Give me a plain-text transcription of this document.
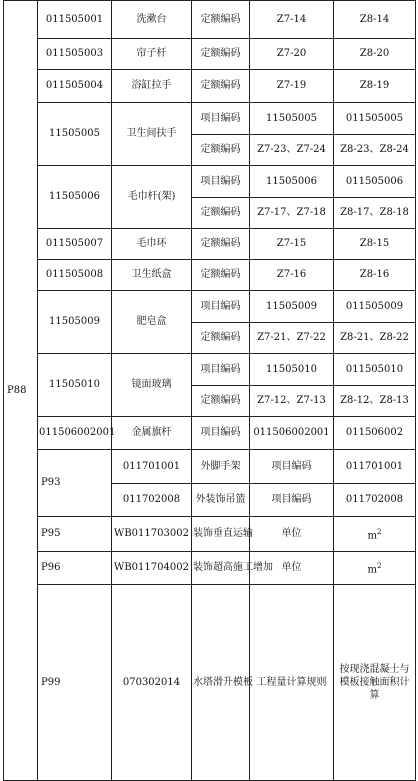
P88	011505001	洗漱台	定额编码	Z7-14	Z8-14	
	011505003	帘子杆	定额编码	Z7-20	Z8-20	
	011505004	浴缸拉手	定额编码	Z7-19	Z8-19	
	11505005	卫生间扶手	项目编码	11505005	011505005	
			定额编码	Z7-23、Z7-24	Z8-23、Z8-24	
	11505006	毛巾杆(架)	项目编码	11505006	011505006	
			定额编码	Z7-17、Z7-18	Z8-17、Z8-18	
	011505007	毛巾环	定额编码	Z7-15	Z8-15	
	011505008	卫生纸盒	定额编码	Z7-16	Z8-16	
	11505009	肥皂盒	项目编码	11505009	011505009	
			定额编码	Z7-21、Z7-22	Z8-21、Z8-22	
	11505010	镜面玻璃	项目编码	11505010	011505010	
			定额编码	Z7-12、Z7-13	Z8-12、Z8-13	
	011506002001	金属旗杆	项目编码	011506002001	011506002	
	P93	011701001	外脚手架	项目编码	011701001	
		011702008	外装饰吊篮	项目编码	011702008	
	P95	WB011703002	装饰垂直运输	单位	$m^2$	
	P96	WB011704002	装饰超高施工增加	单位	$m^2$	
	P99	070302014	水塔滑升模板	工程量计算规则	按现浇混凝土与模板接触面积计算	
